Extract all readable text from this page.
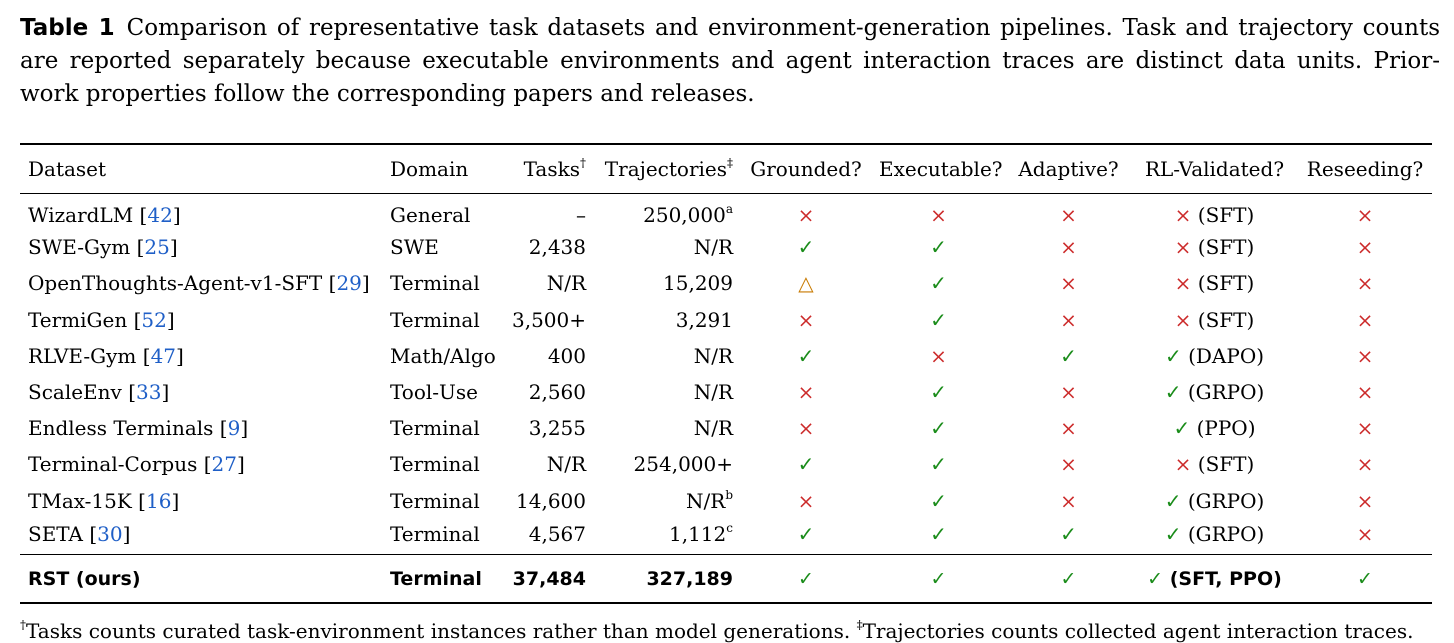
Table 1 Comparison of representative task datasets and environment-generation pipelines. Task and trajectory counts are reported separately because executable environments and agent interaction traces are distinct data units. Prior-work properties follow the corresponding papers and releases.
Dataset	Domain	Tasks†	Trajectories‡	Grounded?	Executable?	Adaptive?	RL-Validated?	Reseeding?
WizardLM [42]	General	–	250,000$^a$	×	×	×	× (SFT)	×
SWE-Gym [25]	SWE	2,438	N/R	✓	✓	×	× (SFT)	×
OpenThoughts-Agent-v1-SFT [29]	Terminal	N/R	15,209	△	✓	×	× (SFT)	×
TermiGen [52]	Terminal	3,500+	3,291	×	✓	×	× (SFT)	×
RLVE-Gym [47]	Math/Algo	400	N/R	✓	×	✓	✓ (DAPO)	×
ScaleEnv [33]	Tool-Use	2,560	N/R	×	✓	×	✓ (GRPO)	×
Endless Terminals [9]	Terminal	3,255	N/R	×	✓	×	✓ (PPO)	×
Terminal-Corpus [27]	Terminal	N/R	254,000+	✓	✓	×	× (SFT)	×
TMax-15K [16]	Terminal	14,600	$N/R^b$	×	✓	×	✓ (GRPO)	×
SETA [30]	Terminal	4,567	1,112$^c$	✓	✓	✓	✓ (GRPO)	×
RST (ours)	Terminal	37,484	327,189	✓	✓	✓	✓ (SFT, PPO)	✓
†Tasks counts curated task-environment instances rather than model generations. ‡Trajectories counts collected agent interaction traces.
